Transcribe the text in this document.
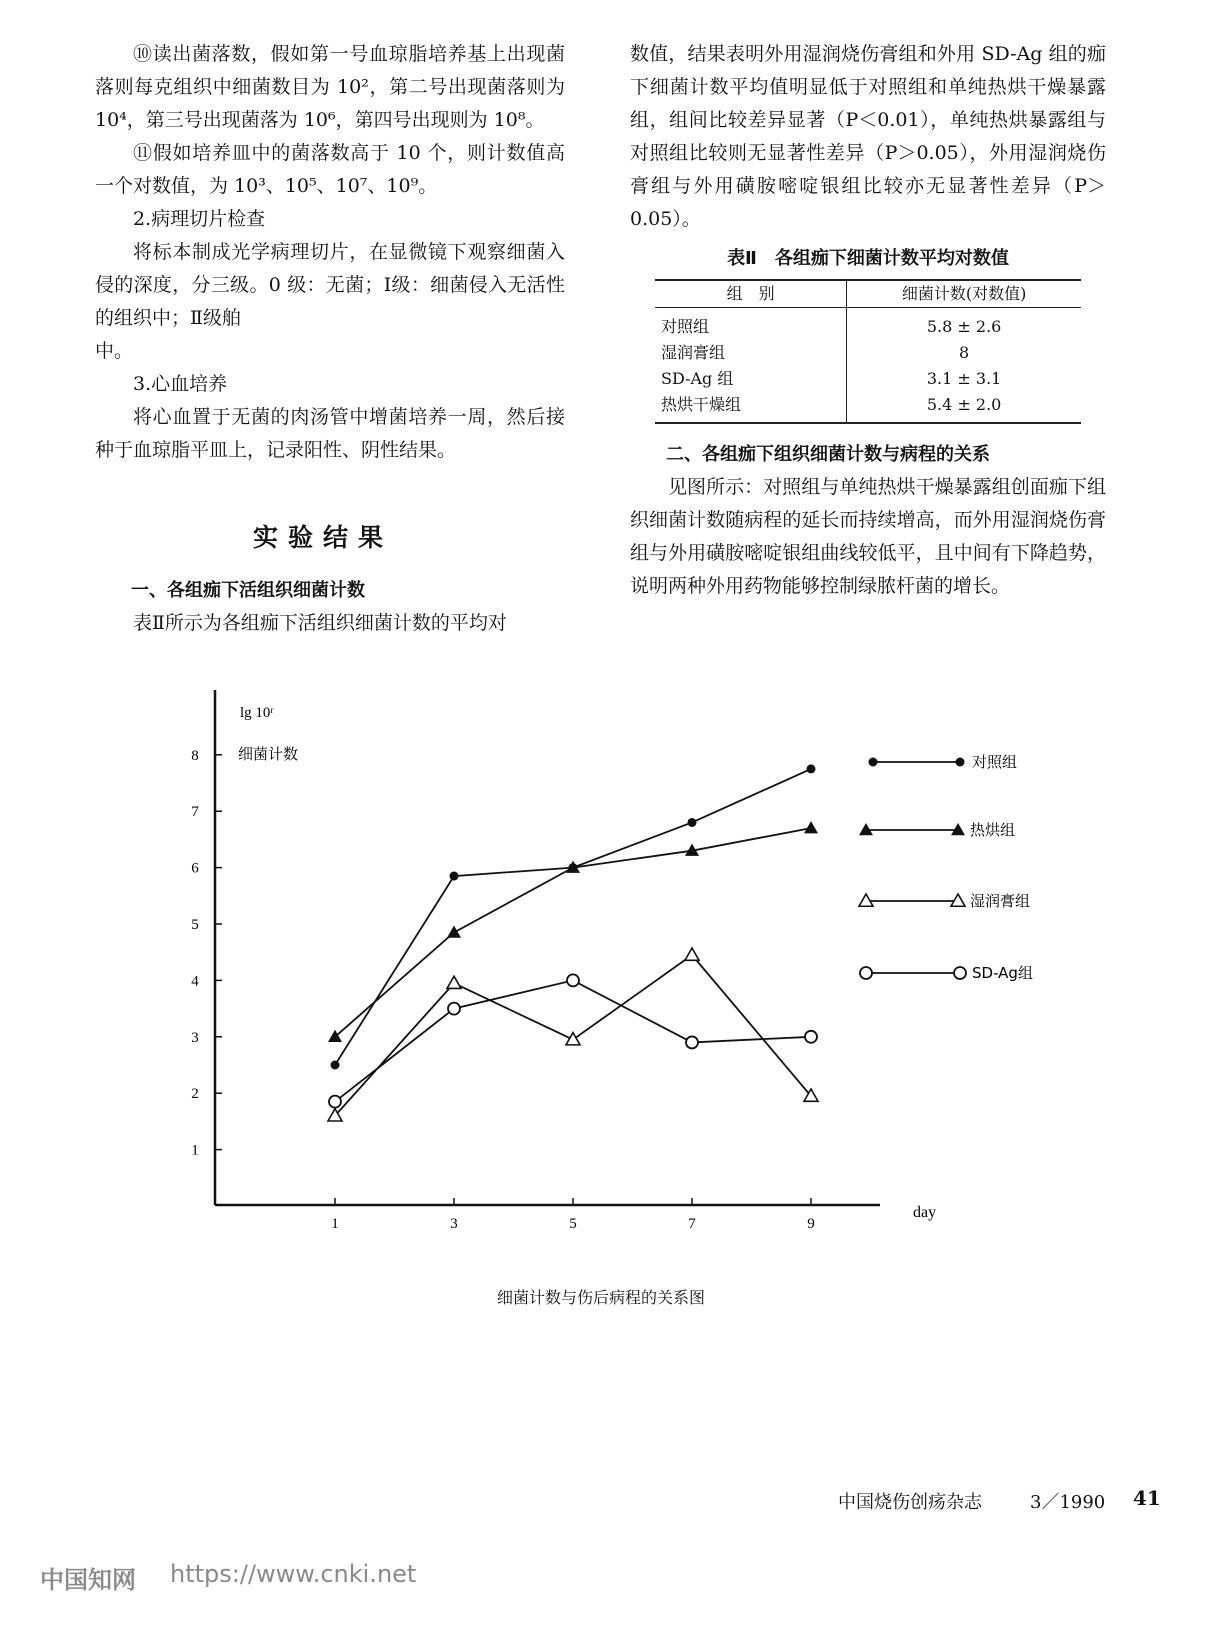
⑩读出菌落数，假如第一号血琼脂培养基上出现菌落则每克组织中细菌数目为 10²，第二号出现菌落则为 10⁴，第三号出现菌落为 10⁶，第四号出现则为 10⁸。

⑪假如培养皿中的菌落数高于 10 个，则计数值高一个对数值，为 10³、10⁵、10⁷、10⁹。

2.病理切片检查

将标本制成光学病理切片，在显微镜下观察细菌入侵的深度，分三级。0 级：无菌；Ⅰ级：细菌侵入无活性的组织中；Ⅱ级舶

中。

3.心血培养

将心血置于无菌的肉汤管中增菌培养一周，然后接种于血琼脂平皿上，记录阳性、阴性结果。

实验结果

一、各组痂下活组织细菌计数

表Ⅱ所示为各组痂下活组织细菌计数的平均对

数值，结果表明外用湿润烧伤膏组和外用 SD-Ag 组的痂下细菌计数平均值明显低于对照组和单纯热烘干燥暴露组，组间比较差异显著（P＜0.01），单纯热烘暴露组与对照组比较则无显著性差异（P＞0.05），外用湿润烧伤膏组与外用磺胺嘧啶银组比较亦无显著性差异（P＞0.05）。

表Ⅱ　各组痂下细菌计数平均对数值
组　别	细菌计数(对数值)
对照组	5.8 ± 2.6
湿润膏组	8
SD-Ag 组	3.1 ± 3.1
热烘干燥组	5.4 ± 2.0

二、各组痂下组织细菌计数与病程的关系

见图所示：对照组与单纯热烘干燥暴露组创面痂下组织细菌计数随病程的延长而持续增高，而外用湿润烧伤膏组与外用磺胺嘧啶银组曲线较低平，且中间有下降趋势，说明两种外用药物能够控制绿脓杆菌的增长。

1
2
3
4
5
6
7
8
1	3	5	7	9
对照组
热烘组
湿润膏组
SD-Ag组
lg 10ʳ
细菌计数
day
细菌计数与伤后病程的关系图
中国烧伤创疡杂志	3／1990 41
中国知网 https://www.cnki.net
